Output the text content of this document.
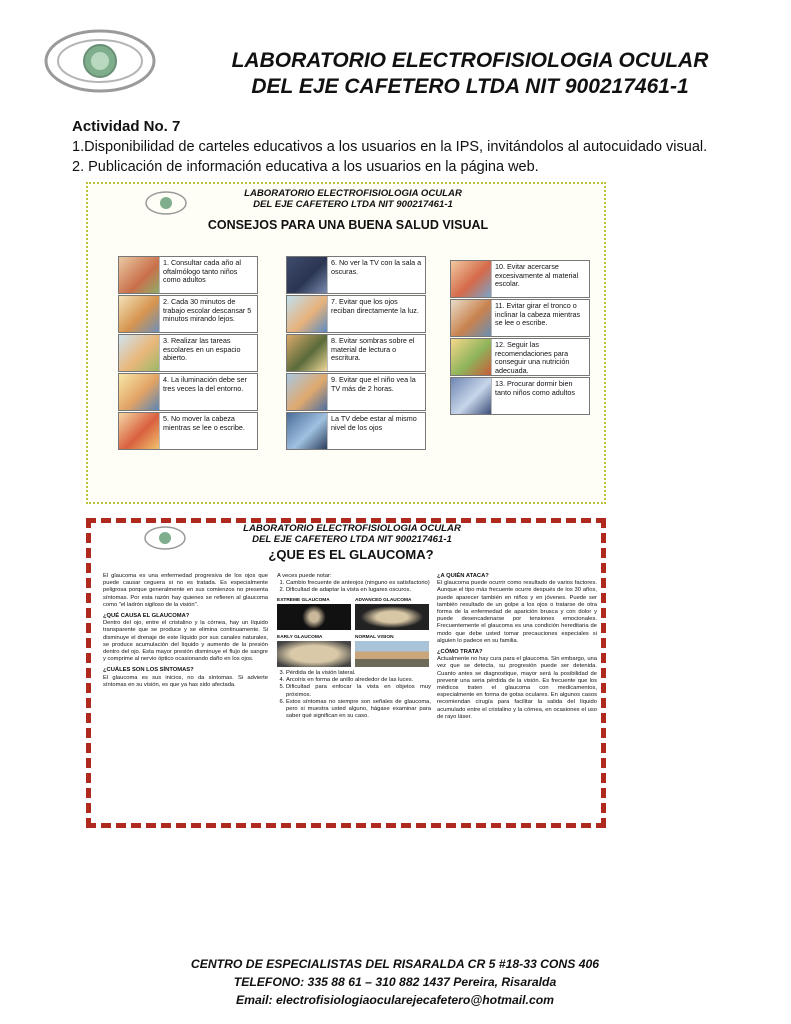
LABORATORIO ELECTROFISIOLOGIA OCULAR
DEL EJE CAFETERO LTDA NIT 900217461-1
Actividad No. 7
1.Disponibilidad de carteles educativos a los usuarios en la IPS, invitándolos al autocuidado visual. 2. Publicación de información educativa a los usuarios en la página web.
LABORATORIO ELECTROFISIOLOGIA OCULAR
DEL EJE CAFETERO LTDA NIT 900217461-1
CONSEJOS PARA UNA BUENA SALUD VISUAL
1. Consultar cada año al oftalmólogo tanto niños como adultos
2. Cada 30 minutos de trabajo escolar descansar 5 minutos mirando lejos.
3. Realizar las tareas escolares en un espacio abierto.
4. La iluminación debe ser tres veces la del entorno.
5. No mover la cabeza mientras se lee o escribe.
6. No ver la TV con la sala a oscuras.
7. Evitar que los ojos reciban directamente la luz.
8. Evitar sombras sobre el material de lectura o escritura.
9. Evitar que el niño vea la TV más de 2 horas.
La TV debe estar al mismo nivel de los ojos
10. Evitar acercarse excesivamente al material escolar.
11. Evitar girar el tronco o inclinar la cabeza mientras se lee o escribe.
12. Seguir las recomendaciones para conseguir una nutrición adecuada.
13. Procurar dormir bien tanto niños como adultos
LABORATORIO ELECTROFISIOLOGIA OCULAR
DEL EJE CAFETERO LTDA NIT 900217461-1
¿QUE ES EL GLAUCOMA?
El glaucoma es una enfermedad progresiva de los ojos que puede causar ceguera si no es tratada. Es especialmente peligrosa porque generalmente en sus comienzos no presenta síntomas. Por esta razón hay quienes se refieren al glaucoma como "el ladrón sigiloso de la visión".
¿QUÉ CAUSA EL GLAUCOMA?
Dentro del ojo, entre el cristalino y la córnea, hay un líquido transparente que se produce y se elimina continuamente. Si disminuye el drenaje de este líquido por sus canales naturales, se produce acumulación del líquido y aumento de la presión dentro del ojo. Esta mayor presión disminuye el flujo de sangre y comprime al nervio óptico ocasionando daño en los ojos.
¿CUÁLES SON LOS SÍNTOMAS?
El glaucoma es sus inicios, no da síntomas. Si advierte síntomas en su visión, es que ya has sido afectada.
A veces puede notar:
1. Cambio frecuente de anteojos (ninguno es satisfactorio)
2. Dificultad de adaptar la vista en lugares oscuros.
EXTREME GLAUCOMA	ADVANCED GLAUCOMA
EARLY GLAUCOMA	NORMAL VISION
3. Pérdida de la visión lateral.
4. Arcoíris en forma de anillo alrededor de las luces.
5. Dificultad para enfocar la vista en objetos muy próximos.
6. Estos síntomas no siempre son señales de glaucoma, pero si muestra usted alguno, hágase examinar para saber qué significan en su caso.
¿A QUIÉN ATACA?
El glaucoma puede ocurrir como resultado de varios factores. Aunque el tipo más frecuente ocurre después de los 30 años, puede aparecer también en niños y en jóvenes. Puede ser también resultado de un golpe a los ojos o tratarse de otra forma de la enfermedad de aparición brusca y con dolor y puede desencadenarse por tensiones emocionales. Frecuentemente el glaucoma es una condición hereditaria de modo que debe usted tomar precauciones especiales si alguien lo padece en su familia.
¿CÓMO TRATA?
Actualmente no hay cura para el glaucoma. Sin embargo, una vez que se detecta, su progresión puede ser detenida. Cuanto antes se diagnostique, mayor será la posibilidad de prevenir una seria pérdida de la visión. Es frecuente que los médicos traten el glaucoma con medicamentos, especialmente en forma de gotas oculares. En algunos casos recomiendan cirugía para facilitar la salida del líquido acumulado entre el cristalino y la córnea, en ocasiones el uso de rayo láser.
CENTRO DE ESPECIALISTAS DEL RISARALDA CR 5 #18-33 CONS 406
TELEFONO: 335 88 61 – 310 882 1437 Pereira, Risaralda
Email: electrofisiologiaocularejecafetero@hotmail.com
